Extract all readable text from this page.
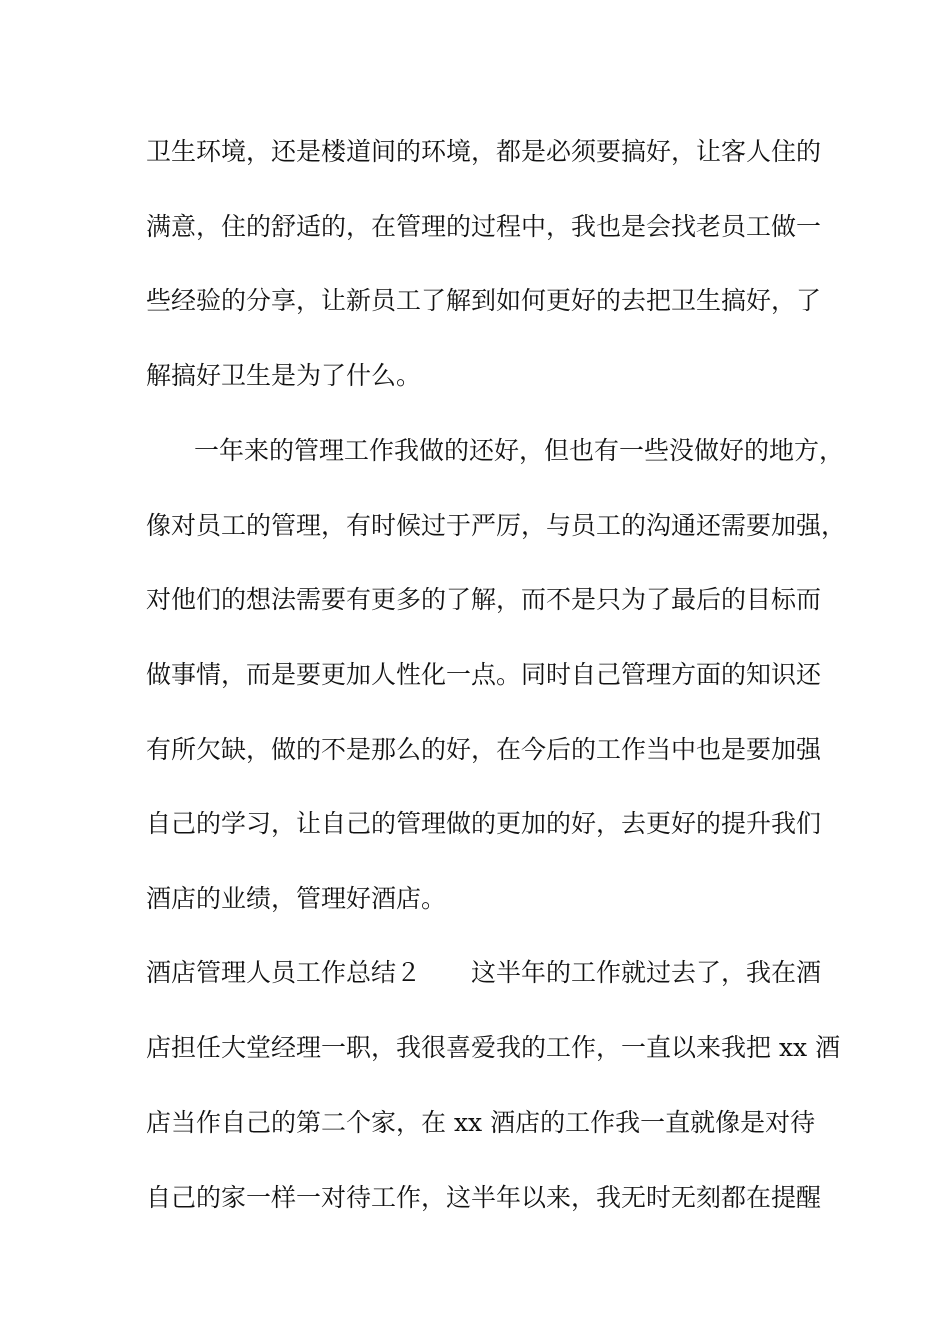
卫生环境，还是楼道间的环境，都是必须要搞好，让客人住的
满意，住的舒适的，在管理的过程中，我也是会找老员工做一
些经验的分享，让新员工了解到如何更好的去把卫生搞好，了
解搞好卫生是为了什么。
一年来的管理工作我做的还好，但也有一些没做好的地方，
像对员工的管理，有时候过于严厉，与员工的沟通还需要加强，
对他们的想法需要有更多的了解，而不是只为了最后的目标而
做事情，而是要更加人性化一点。同时自己管理方面的知识还
有所欠缺，做的不是那么的好，在今后的工作当中也是要加强
自己的学习，让自己的管理做的更加的好，去更好的提升我们
酒店的业绩，管理好酒店。
酒店管理人员工作总结２　　这半年的工作就过去了，我在酒
店担任大堂经理一职，我很喜爱我的工作，一直以来我把 xx 酒
店当作自己的第二个家，在 xx 酒店的工作我一直就像是对待
自己的家一样一对待工作，这半年以来，我无时无刻都在提醒
